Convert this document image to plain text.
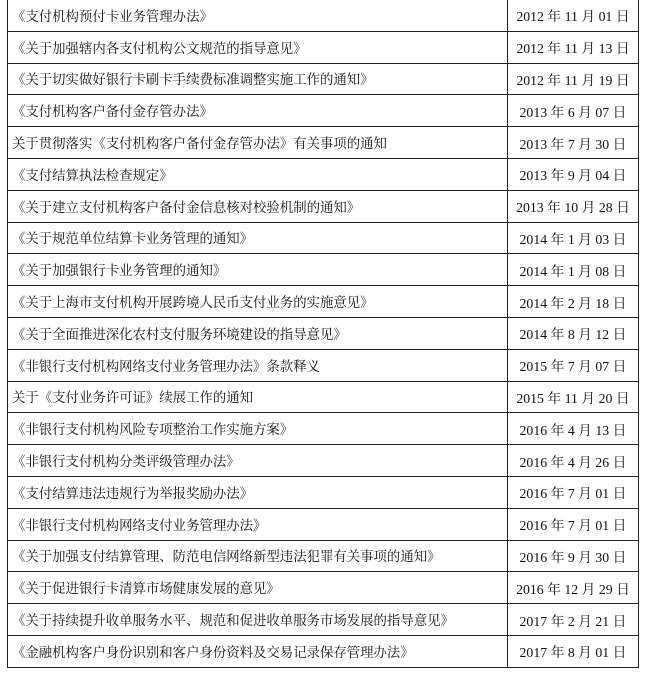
《支付机构预付卡业务管理办法》	2012 年 11 月 01 日
《关于加强辖内各支付机构公文规范的指导意见》	2012 年 11 月 13 日
《关于切实做好银行卡刷卡手续费标准调整实施工作的通知》	2012 年 11 月 19 日
《支付机构客户备付金存管办法》	2013 年 6 月 07 日
关于贯彻落实《支付机构客户备付金存管办法》有关事项的通知	2013 年 7 月 30 日
《支付结算执法检查规定》	2013 年 9 月 04 日
《关于建立支付机构客户备付金信息核对校验机制的通知》	2013 年 10 月 28 日
《关于规范单位结算卡业务管理的通知》	2014 年 1 月 03 日
《关于加强银行卡业务管理的通知》	2014 年 1 月 08 日
《关于上海市支付机构开展跨境人民币支付业务的实施意见》	2014 年 2 月 18 日
《关于全面推进深化农村支付服务环境建设的指导意见》	2014 年 8 月 12 日
《非银行支付机构网络支付业务管理办法》条款释义	2015 年 7 月 07 日
关于《支付业务许可证》续展工作的通知	2015 年 11 月 20 日
《非银行支付机构风险专项整治工作实施方案》	2016 年 4 月 13 日
《非银行支付机构分类评级管理办法》	2016 年 4 月 26 日
《支付结算违法违规行为举报奖励办法》	2016 年 7 月 01 日
《非银行支付机构网络支付业务管理办法》	2016 年 7 月 01 日
《关于加强支付结算管理、防范电信网络新型违法犯罪有关事项的通知》	2016 年 9 月 30 日
《关于促进银行卡清算市场健康发展的意见》	2016 年 12 月 29 日
《关于持续提升收单服务水平、规范和促进收单服务市场发展的指导意见》	2017 年 2 月 21 日
《金融机构客户身份识别和客户身份资料及交易记录保存管理办法》	2017 年 8 月 01 日
